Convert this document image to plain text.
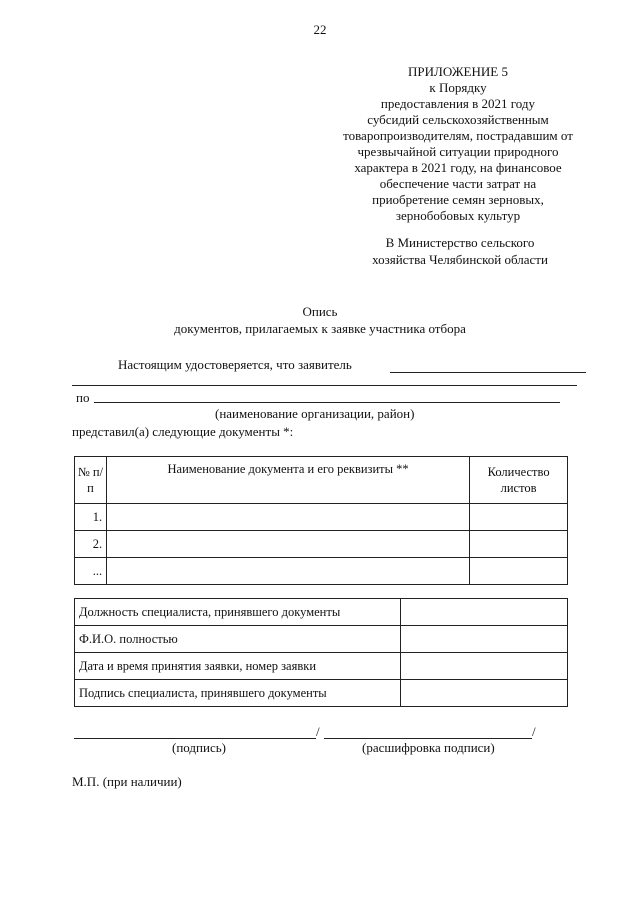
22
ПРИЛОЖЕНИЕ 5
к Порядку
предоставления в 2021 году
субсидий сельскохозяйственным
товаропроизводителям, пострадавшим от
чрезвычайной ситуации природного
характера в 2021 году, на финансовое
обеспечение части затрат на
приобретение семян зерновых,
зернобобовых культур
В Министерство сельского
хозяйства Челябинской области
Опись
документов, прилагаемых к заявке участника отбора
Настоящим удостоверяется, что заявитель
по
(наименование организации, район)
представил(а) следующие документы *:
№ п/п	Наименование документа и его реквизиты **	Количество листов
1.		
2.		
...		
Должность специалиста, принявшего документы	
Ф.И.О. полностью	
Дата и время принятия заявки, номер заявки	
Подпись специалиста, принявшего документы	
/	/
(подпись)	(расшифровка подписи)
М.П. (при наличии)
